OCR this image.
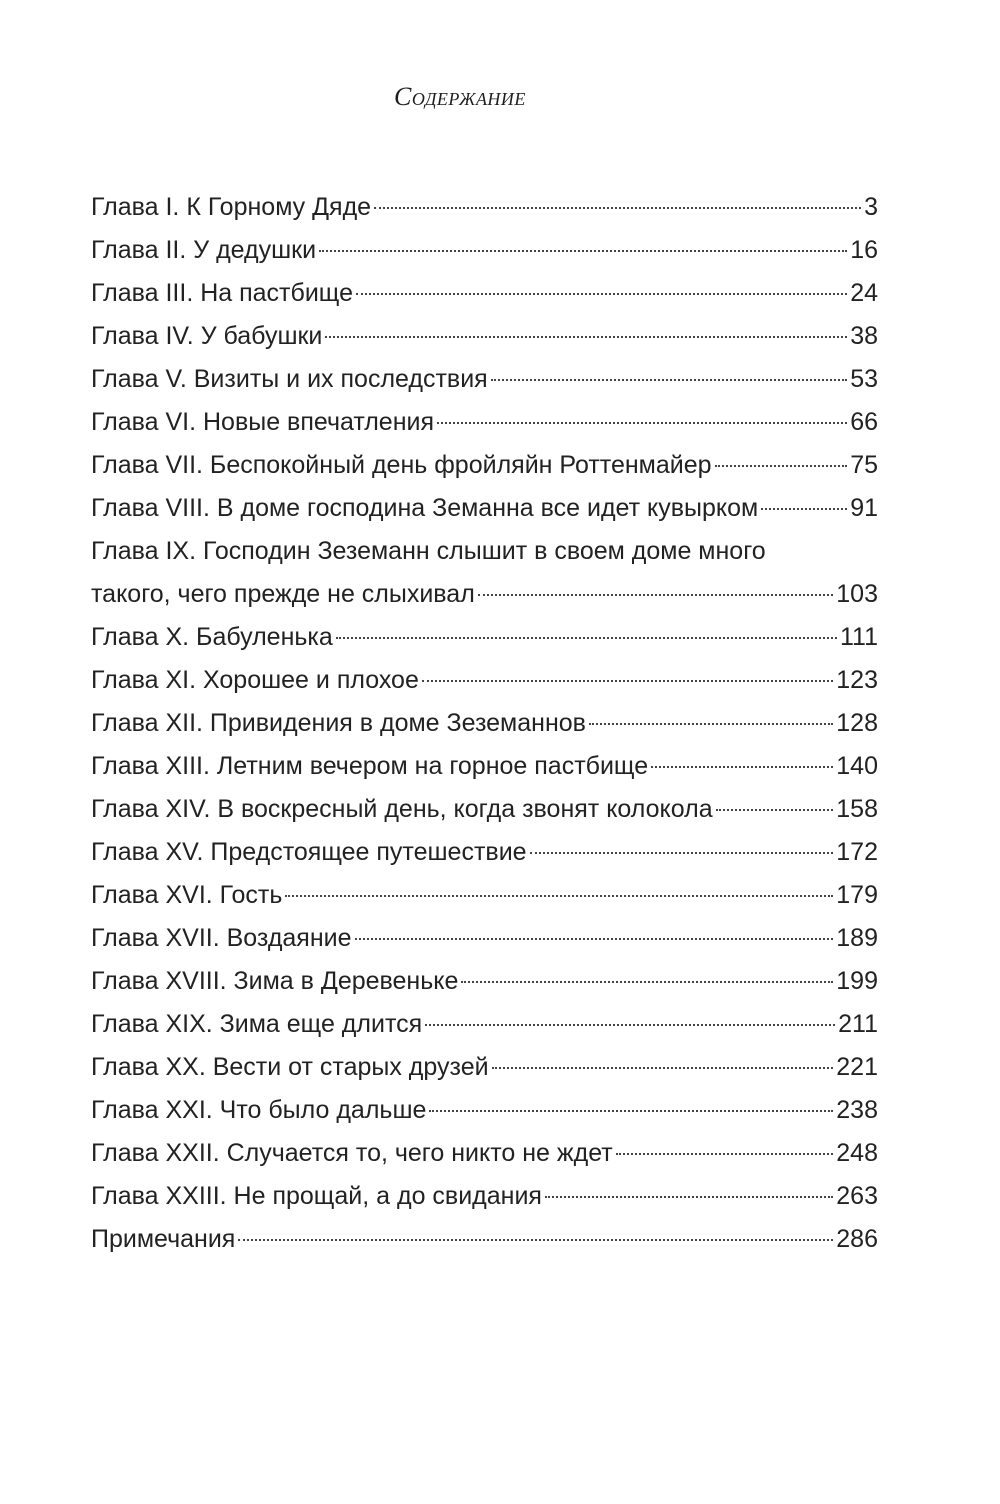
Содержание
Глава I. К Горному Дяде	3
Глава II. У дедушки	16
Глава III. На пастбище	24
Глава IV. У бабушки	38
Глава V. Визиты и их последствия	53
Глава VI. Новые впечатления	66
Глава VII. Беспокойный день фройляйн Роттенмайер	75
Глава VIII. В доме господина Земанна все идет кувырком	91
Глава IX. Господин Зеземанн слышит в своем доме много
такого, чего прежде не слыхивал	103
Глава X. Бабуленька	111
Глава XI. Хорошее и плохое	123
Глава XII. Привидения в доме Зеземаннов	128
Глава XIII. Летним вечером на горное пастбище	140
Глава XIV. В воскресный день, когда звонят колокола	158
Глава XV. Предстоящее путешествие	172
Глава XVI. Гость	179
Глава XVII. Воздаяние	189
Глава XVIII. Зима в Деревеньке	199
Глава XIX. Зима еще длится	211
Глава XX. Вести от старых друзей	221
Глава XXI. Что было дальше	238
Глава XXII. Случается то, чего никто не ждет	248
Глава XXIII. Не прощай, а до свидания	263
Примечания	286
